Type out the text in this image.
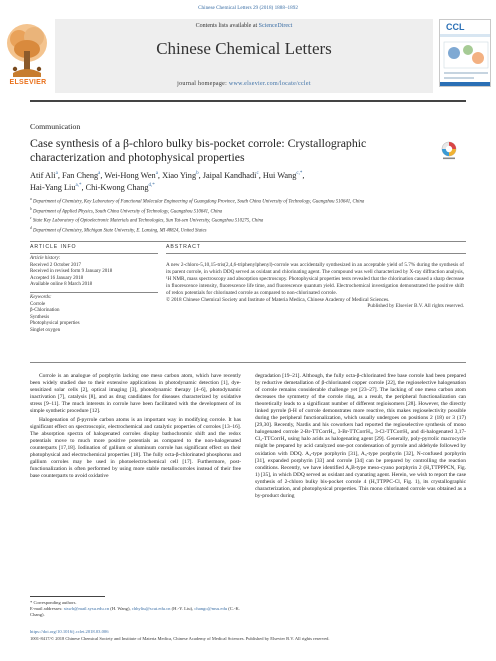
Chinese Chemical Letters 29 (2018) 1888–1892
ELSEVIER
Contents lists available at ScienceDirect
Chinese Chemical Letters
journal homepage: www.elsevier.com/locate/cclet
CCL
Communication
Case synthesis of a β-chloro bulky bis-pocket corrole: Crystallographic characterization and photophysical properties
Atif Ali$^a$, Fan Cheng$^a$, Wei-Hong Wen$^a$, Xiao Ying$^b$, Jaipal Kandhadi$^c$, Hui Wang$^{c,*}$,
Hai-Yang Liu$^{a,*}$, Chi-Kwong Chang$^{d,*}$
$^a$ Department of Chemistry, Key Laboratory of Functional Molecular Engineering of Guangdong Province, South China University of Technology, Guangzhou 510641, China
$^b$ Department of Applied Physics, South China University of Technology, Guangzhou 510641, China
$^c$ State Key Laboratory of Optoelectronic Materials and Technologies, Sun Yat-sen University, Guangzhou 510275, China
$^d$ Department of Chemistry, Michigan State University, E. Lansing, MI 48824, United States
ARTICLE INFO	ABSTRACT
Article history:
Received 2 October 2017
Received in revised form 9 January 2018
Accepted 16 January 2018
Available online 8 March 2018
Keywords:
Corrole
β-Chlorination
Synthesis
Photophysical properties
Singlet oxygen
A new 2-chloro-5,10,15-tris(2,4,6-triphenylphenyl)-corrole was accidentally synthesized in an acceptable yield of 5.7% during the synthesis of its parent corrole, in which DDQ served as oxidant and chlorinating agent. The compound was well characterized by X-ray diffraction analysis, ¹H NMR, mass spectroscopy and absorption spectroscopy. Photophysical properties tests revealed that the chlorination caused a sharp decrease in fluorescence intensity, fluorescence life time, and fluorescence quantum yield. Electrochemical investigation demonstrated the positive shift of redox potentials for chlorinated corrole as compared to non-chlorinated corrole.
© 2018 Chinese Chemical Society and Institute of Materia Medica, Chinese Academy of Medical Sciences.
Published by Elsevier B.V. All rights reserved.

Corrole is an analogue of porphyrin lacking one meso carbon atom, which have recently been widely studied due to their extensive applications in photodynamic detection [1], dye-sensitized solar cells [2], optical imaging [3], photodynamic therapy [4–6], photodynamic inactivation [7], catalysis [8], and as drug candidates for diseases characterized by oxidative stress [9–11]. The much interests in corrole have been facilitated with the development of its simple synthetic procedure [12].

Halogenation of β-pyrrole carbon atoms is an important way in modifying corrole. It has significant effect on spectroscopic, electrochemical and catalytic properties of corroles [13–16]. The absorption spectra of halogenated corroles display bathochromic shift and the redox potentials move to much more positive potentials as compared to the non-halogenated counterparts [17,18]. Iodination of gallium or aluminum corrole has significant effect on their photophysical and electrochemical properties [18]. The fully octa-β-chlorinated phosphorus and gallium corroles may be used in photoelectrochemical cell [17]. Furthermore, post-functionalization is often performed by using more stable metallocorroles instead of their free base counterparts to avoid oxidative

degradation [19–21]. Although, the fully octa-β-chlorinated free base corrole had been prepared by reductive demetallation of β-chlorinated copper corrole [22], the regioselective halogenation of corrole remains considerable challenge yet [23–27]. The lacking of one meso carbon atom decreases the symmetry of the corrole ring, as a result, the peripheral functionalization can theoretically leads to a significant number of different regioisomers [28]. However, the directly linked pyrrole β-H of corrole demonstrates more reactive, this makes regioselectivity possible during the peripheral functionalization, which usually undergoes on positions 2 (18) or 3 (17) [29,30]. Recently, Nardis and his coworkers had reported the regioselective synthesis of mono halogenated corrole 2-Br-TTCorrH₃, 3-Br-TTCorrH₃, 3-Cl-TTCorrH₃ and di-halogenated 3,17-Cl₂-TTCorrH₃ using halo acids as halogenating agent [29]. Generally, poly-pyrrolic macrocycle might be prepared by acid catalyzed one-pot condensation of pyrrole and aldehyde followed by oxidation with DDQ. A₄-type porphyrin [31], A₃-type porphyrin [32], N-confused porphyrin [31], expanded porphyrin [33] and corrole [34] can be prepared by controlling the reaction conditions. Recently, we have identified A₂B-type meso-cyano porphyrin 2 (H₂TTPPPCN, Fig. 1) [35], in which DDQ served as oxidant and cyanating agent. Herein, we wish to report the case synthesis of 2-chloro bulky bis-pocket corrole 4 (H₃TTPPC-Cl, Fig. 1), its crystallographic characterization, and photophysical properties. This mono chlorinated corrole was obtained as a by-product during

* Corresponding authors.
E-mail addresses: stswh@mail.sysu.edu.cn (H. Wang), chhyliu@scut.edu.cn (H.-Y. Liu), changc@msu.edu (C.-K. Chang).
https://doi.org/10.1016/j.cclet.2018.03.006
1001-8417/© 2018 Chinese Chemical Society and Institute of Materia Medica, Chinese Academy of Medical Sciences. Published by Elsevier B.V. All rights reserved.
